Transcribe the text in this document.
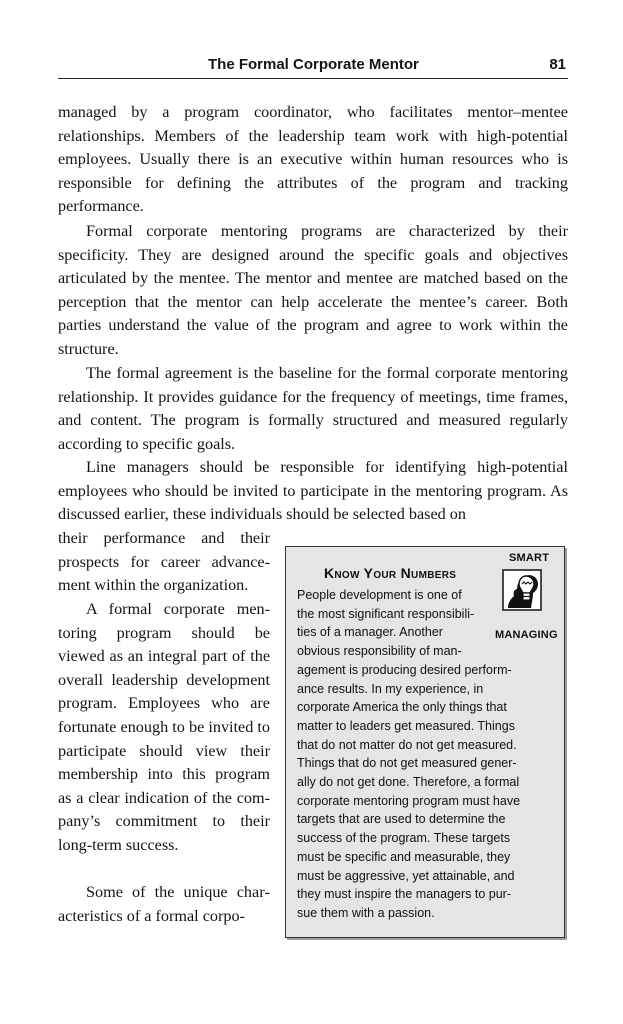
The Formal Corporate Mentor	81

managed by a program coordinator, who facilitates mentor–mentee relationships. Members of the leadership team work with high-potential employees. Usually there is an executive within human resources who is responsible for defining the attributes of the program and tracking performance.

Formal corporate mentoring programs are characterized by their specificity. They are designed around the specific goals and objectives articulated by the mentee. The mentor and mentee are matched based on the perception that the mentor can help accelerate the mentee’s career. Both parties understand the value of the program and agree to work within the structure.

The formal agreement is the baseline for the formal corporate mentoring relationship. It provides guidance for the frequency of meetings, time frames, and content. The program is formally structured and measured regularly according to specific goals.

Line managers should be responsible for identifying high-potential employees who should be invited to participate in the mentoring program. As discussed earlier, these individuals should be selected based on

their performance and their prospects for career advancement within the organization.

A formal corporate mentoring program should be viewed as an integral part of the overall leadership development program. Employees who are fortunate enough to be invited to participate should view their membership into this program as a clear indication of the company’s commitment to their long-term success.

Some of the unique characteristics of a formal corpo-

SMART
MANAGING
Know Your Numbers
People development is one of
the most significant responsibili-
ties of a manager. Another
obvious responsibility of man-
agement is producing desired perform-
ance results. In my experience, in
corporate America the only things that
matter to leaders get measured. Things
that do not matter do not get measured.
Things that do not get measured gener-
ally do not get done. Therefore, a formal
corporate mentoring program must have
targets that are used to determine the
success of the program. These targets
must be specific and measurable, they
must be aggressive, yet attainable, and
they must inspire the managers to pur-
sue them with a passion.
